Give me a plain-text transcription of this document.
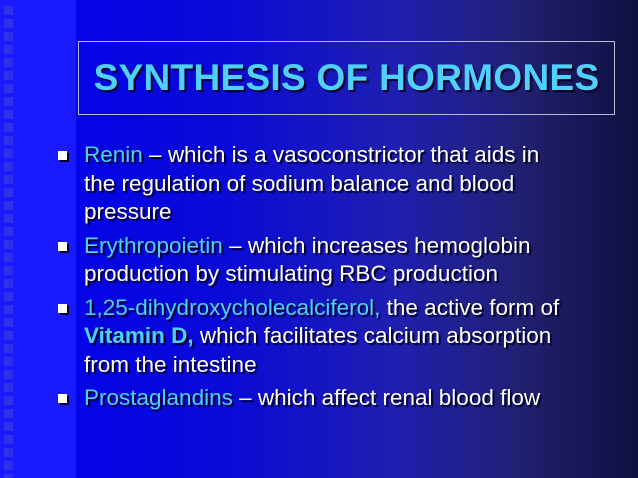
SYNTHESIS OF HORMONES
Renin – which is a vasoconstrictor that aids in
the regulation of sodium balance and blood
pressure
Erythropoietin – which increases hemoglobin
production by stimulating RBC production
1,25-dihydroxycholecalciferol, the active form of
Vitamin D, which facilitates calcium absorption
from the intestine
Prostaglandins – which affect renal blood flow
